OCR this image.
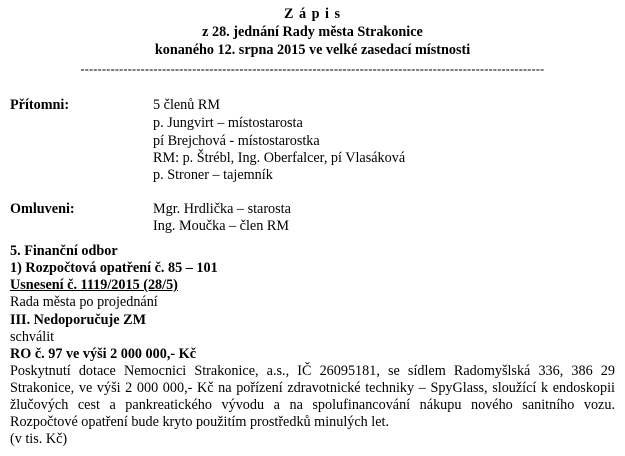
Z á p i s
z 28. jednání Rady města Strakonice
konaného 12. srpna 2015 ve velké zasedací místnosti
------------------------------------------------------------------------------------------------------------
Přítomni:	5 členů RM
p. Jungvirt – místostarosta
pí Brejchová - místostarostka
RM: p. Štrébl, Ing. Oberfalcer, pí Vlasáková
p. Stroner – tajemník
Omluveni:	Mgr. Hrdlička – starosta
Ing. Moučka – člen RM
5. Finanční odbor
1) Rozpočtová opatření č. 85 – 101
Usnesení č. 1119/2015 (28/5)
Rada města po projednání
III. Nedoporučuje ZM
schválit
RO č. 97 ve výši 2 000 000,- Kč
Poskytnutí dotace Nemocnici Strakonice, a.s., IČ 26095181, se sídlem Radomyšlská 336, 386 29 Strakonice, ve výši 2 000 000,- Kč na pořízení zdravotnické techniky – SpyGlass, sloužící k endoskopii žlučových cest a pankreatického vývodu a na spolufinancování nákupu nového sanitního vozu. Rozpočtové opatření bude kryto použitím prostředků minulých let.
(v tis. Kč)
